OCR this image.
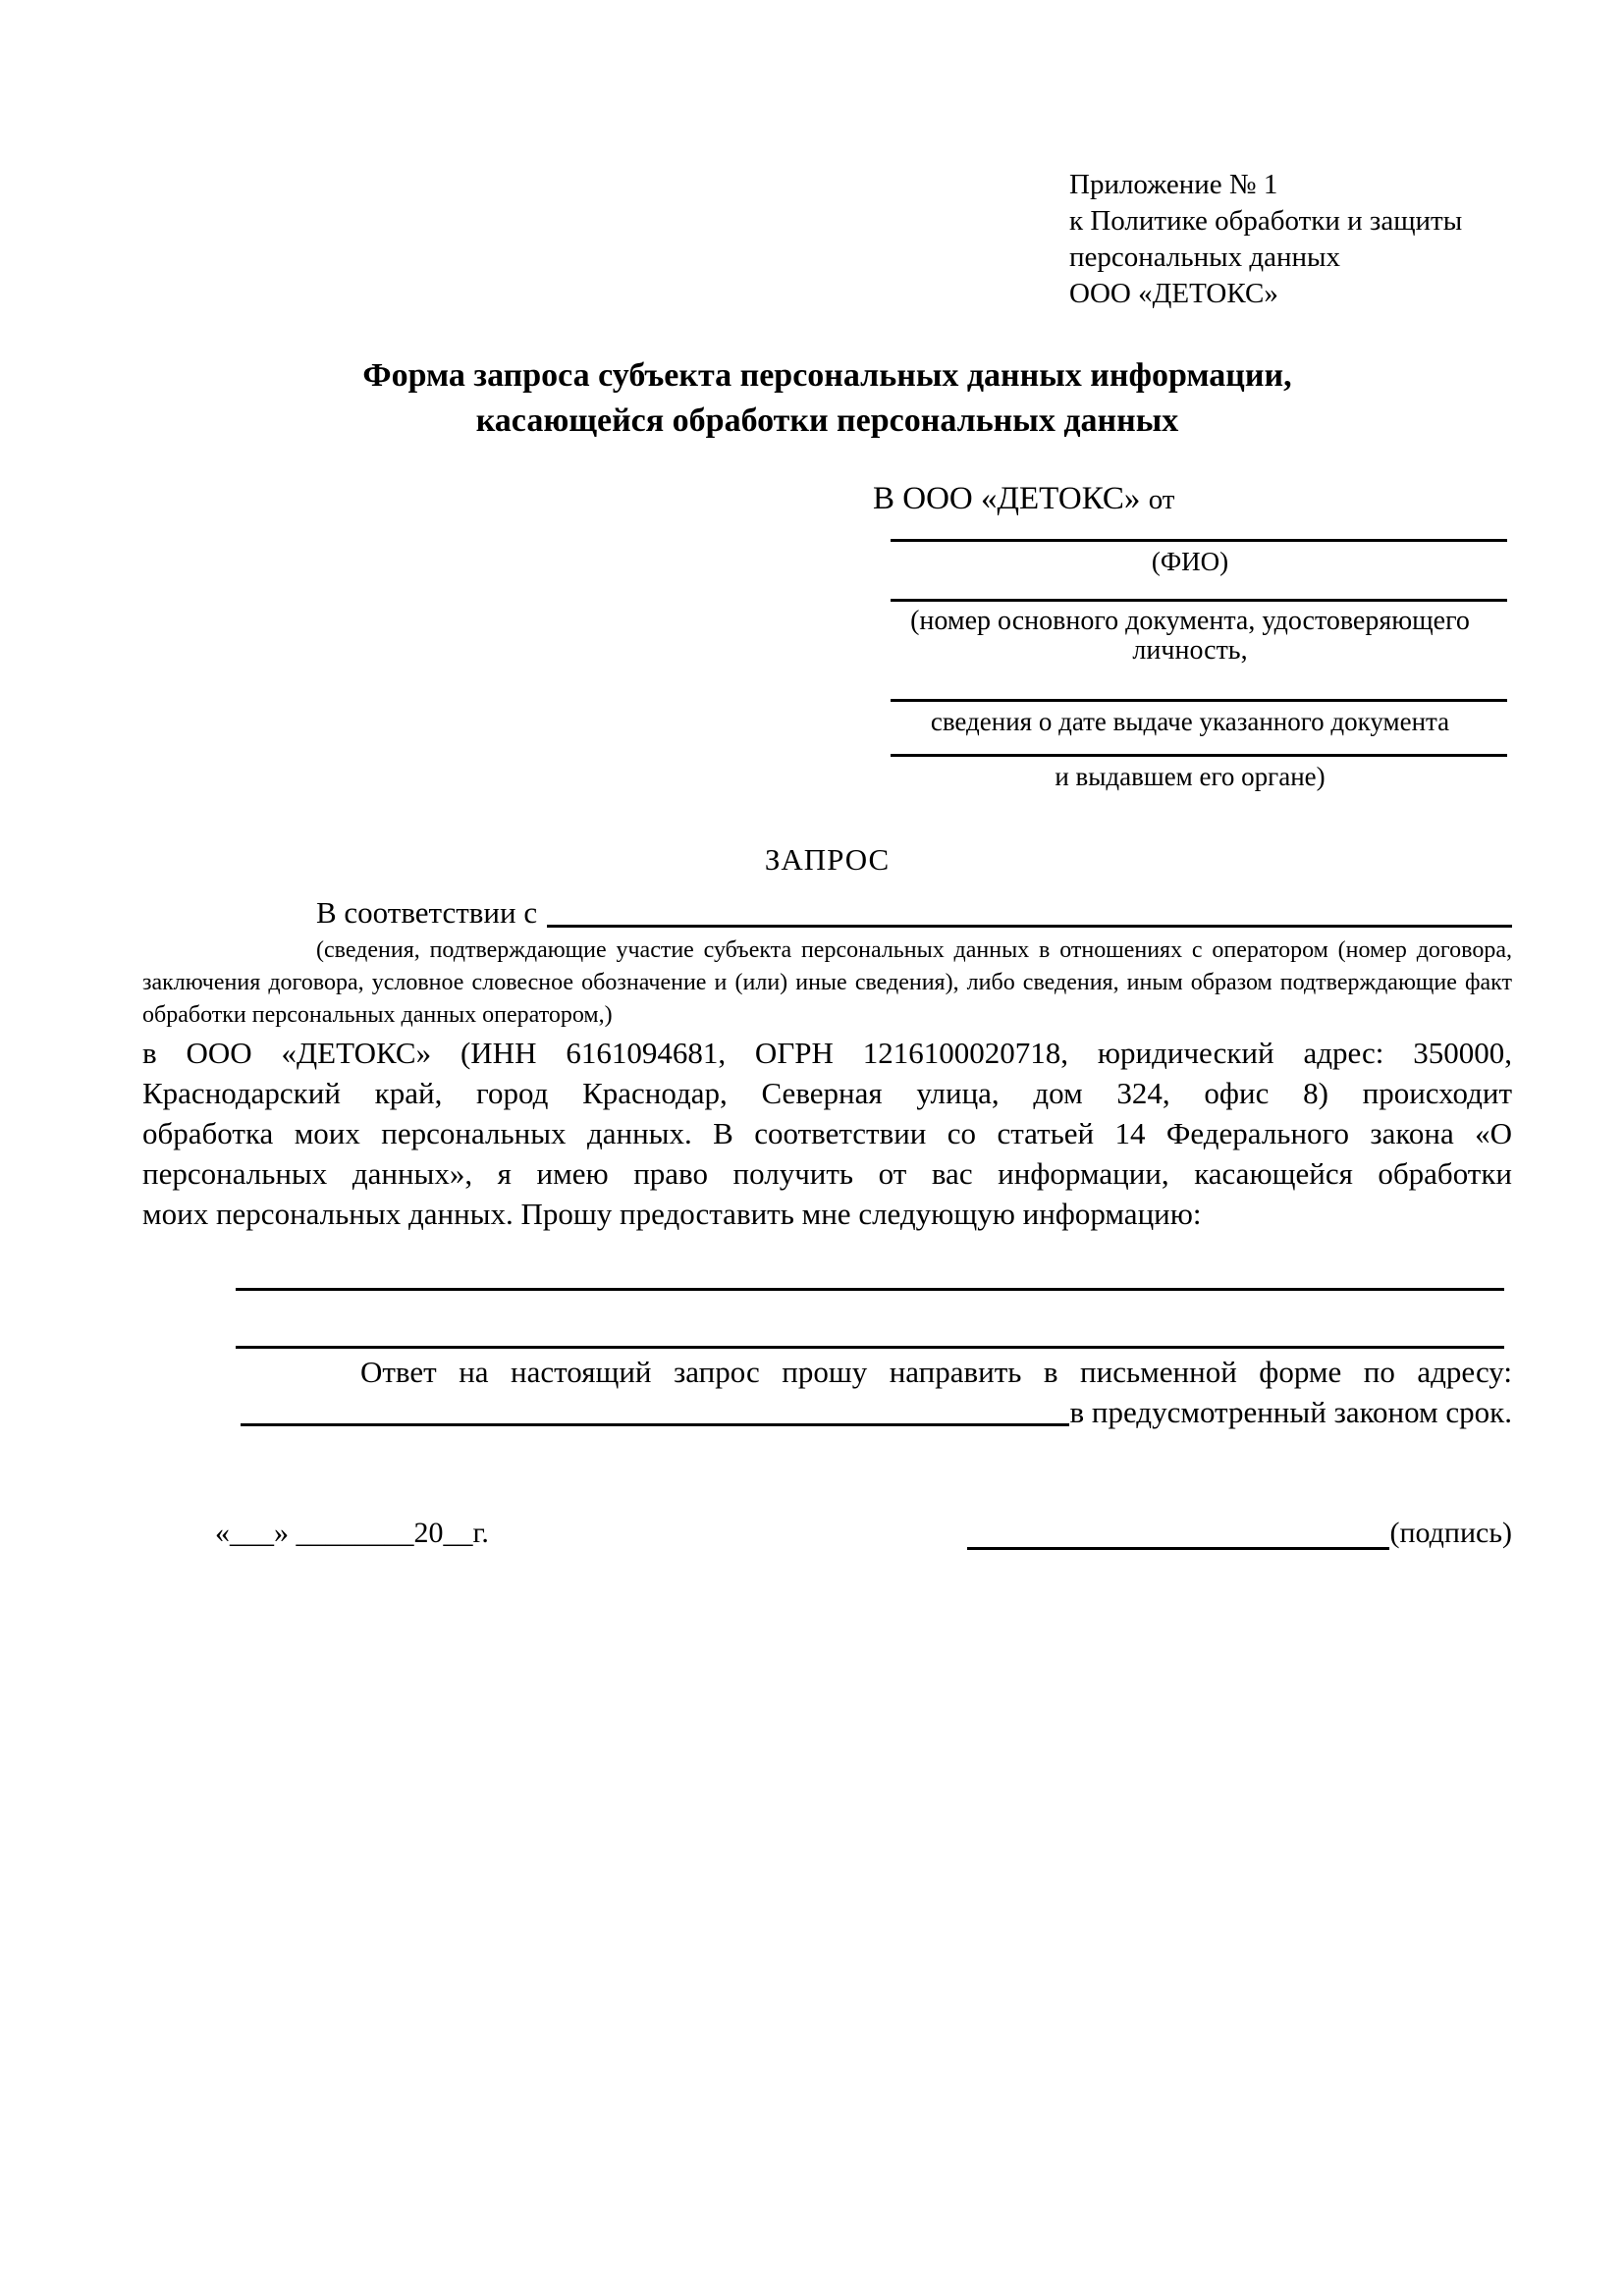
Приложение № 1
к Политике обработки и защиты
персональных данных
ООО «ДЕТОКС»
Форма запроса субъекта персональных данных информации,
касающейся обработки персональных данных
В ООО «ДЕТОКС» от
(ФИО)
(номер основного документа, удостоверяющего личность,
сведения о дате выдаче указанного документа
и выдавшем его органе)
ЗАПРОС
В соответствии с
(сведения, подтверждающие участие субъекта персональных данных в отношениях с оператором (номер договора,
заключения договора, условное словесное обозначение и (или) иные сведения), либо сведения, иным образом подтверждающие факт
обработки персональных данных оператором,)
в ООО «ДЕТОКС» (ИНН 6161094681, ОГРН 1216100020718, юридический адрес: 350000,
Краснодарский край, город Краснодар, Северная улица, дом 324, офис 8) происходит
обработка моих персональных данных. В соответствии со статьей 14 Федерального закона «О
персональных данных», я имею право получить от вас информации, касающейся обработки
моих персональных данных. Прошу предоставить мне следующую информацию:
Ответ на настоящий запрос прошу направить в письменной форме по адресу:
в предусмотренный законом срок.
«___» ________20__г.	(подпись)
